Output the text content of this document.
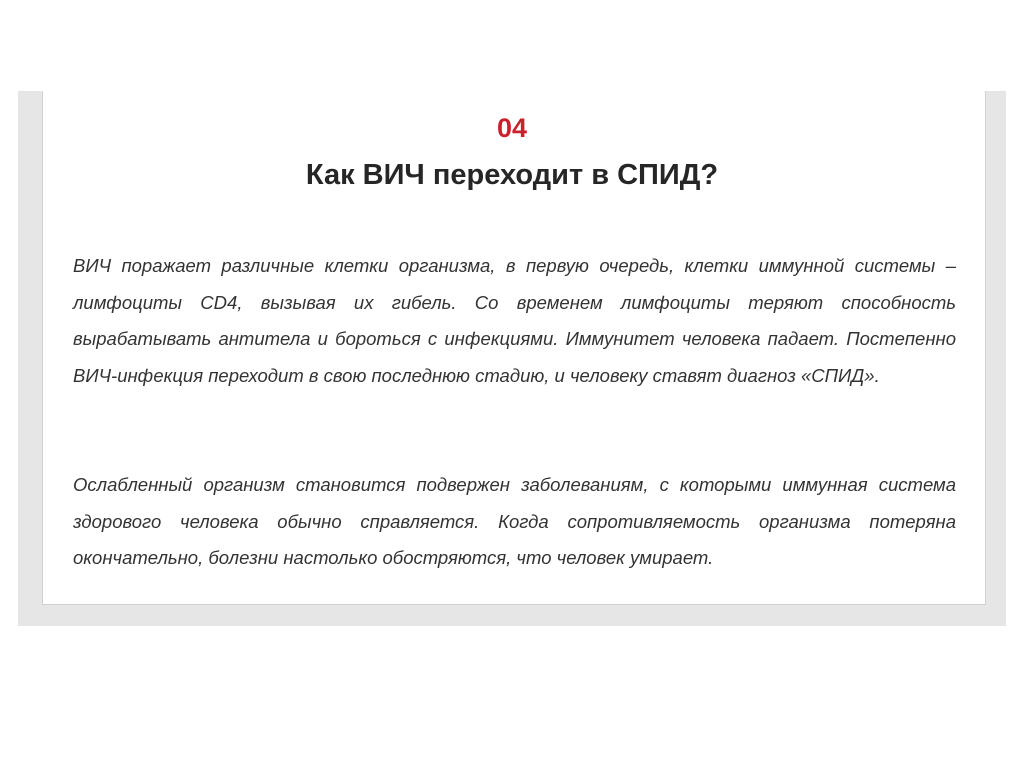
04
Как ВИЧ переходит в СПИД?

ВИЧ поражает различные клетки организма, в первую очередь, клетки иммунной системы – лимфоциты CD4, вызывая их гибель. Со временем лимфоциты теряют способность вырабатывать антитела и бороться с инфекциями. Иммунитет человека падает. Постепенно ВИЧ-инфекция переходит в свою последнюю стадию, и человеку ставят диагноз «СПИД».

Ослабленный организм становится подвержен заболеваниям, с которыми иммунная система здорового человека обычно справляется. Когда сопротивляемость организма потеряна окончательно, болезни настолько обостряются, что человек умирает.
